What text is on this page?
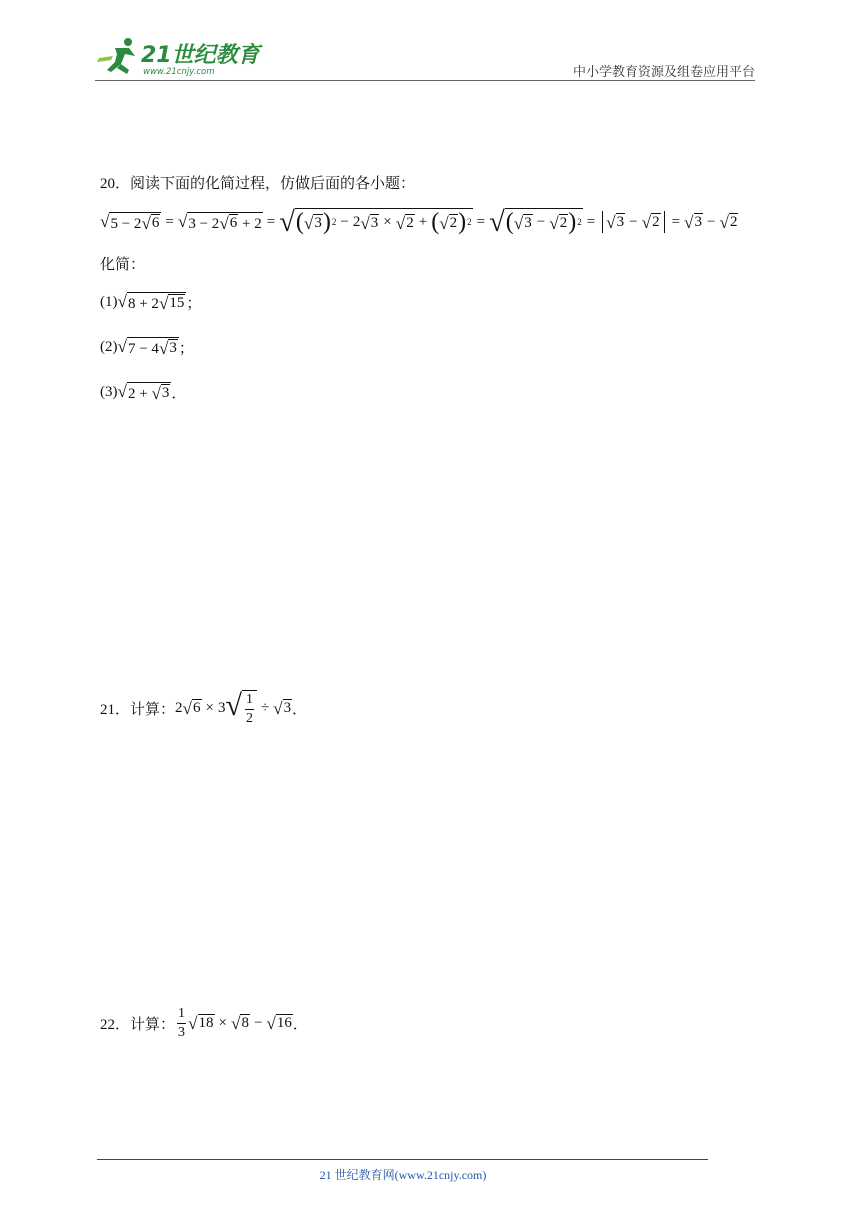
21世纪教育
www.21cnjy.com	中小学教育资源及组卷应用平台
20． 阅读下面的化简过程，仿做后面的各小题：
√ 5 − 2 √ 6 = √ 3 − 2 √ 6 + 2 = √ ( √ 3 ) 2 − 2 √ 3 × √ 2 + ( √ 2 ) 2 = √ ( √ 3 − √ 2 ) 2 = √ 3 − √ 2 = √ 3 − √ 2
化简：
(1) √ 8 + 2 √ 15 ；
(2) √ 7 − 4 √ 3 ；
(3) √ 2 + √ 3 ．
21． 计算： 2 √ 6 × 3 √ $\frac{1}{2}$ ÷ √ 3 ．
22． 计算： $\frac{1}{3}$ √ 18 × √ 8 − √ 16 ．
21 世纪教育网(www.21cnjy.com)
